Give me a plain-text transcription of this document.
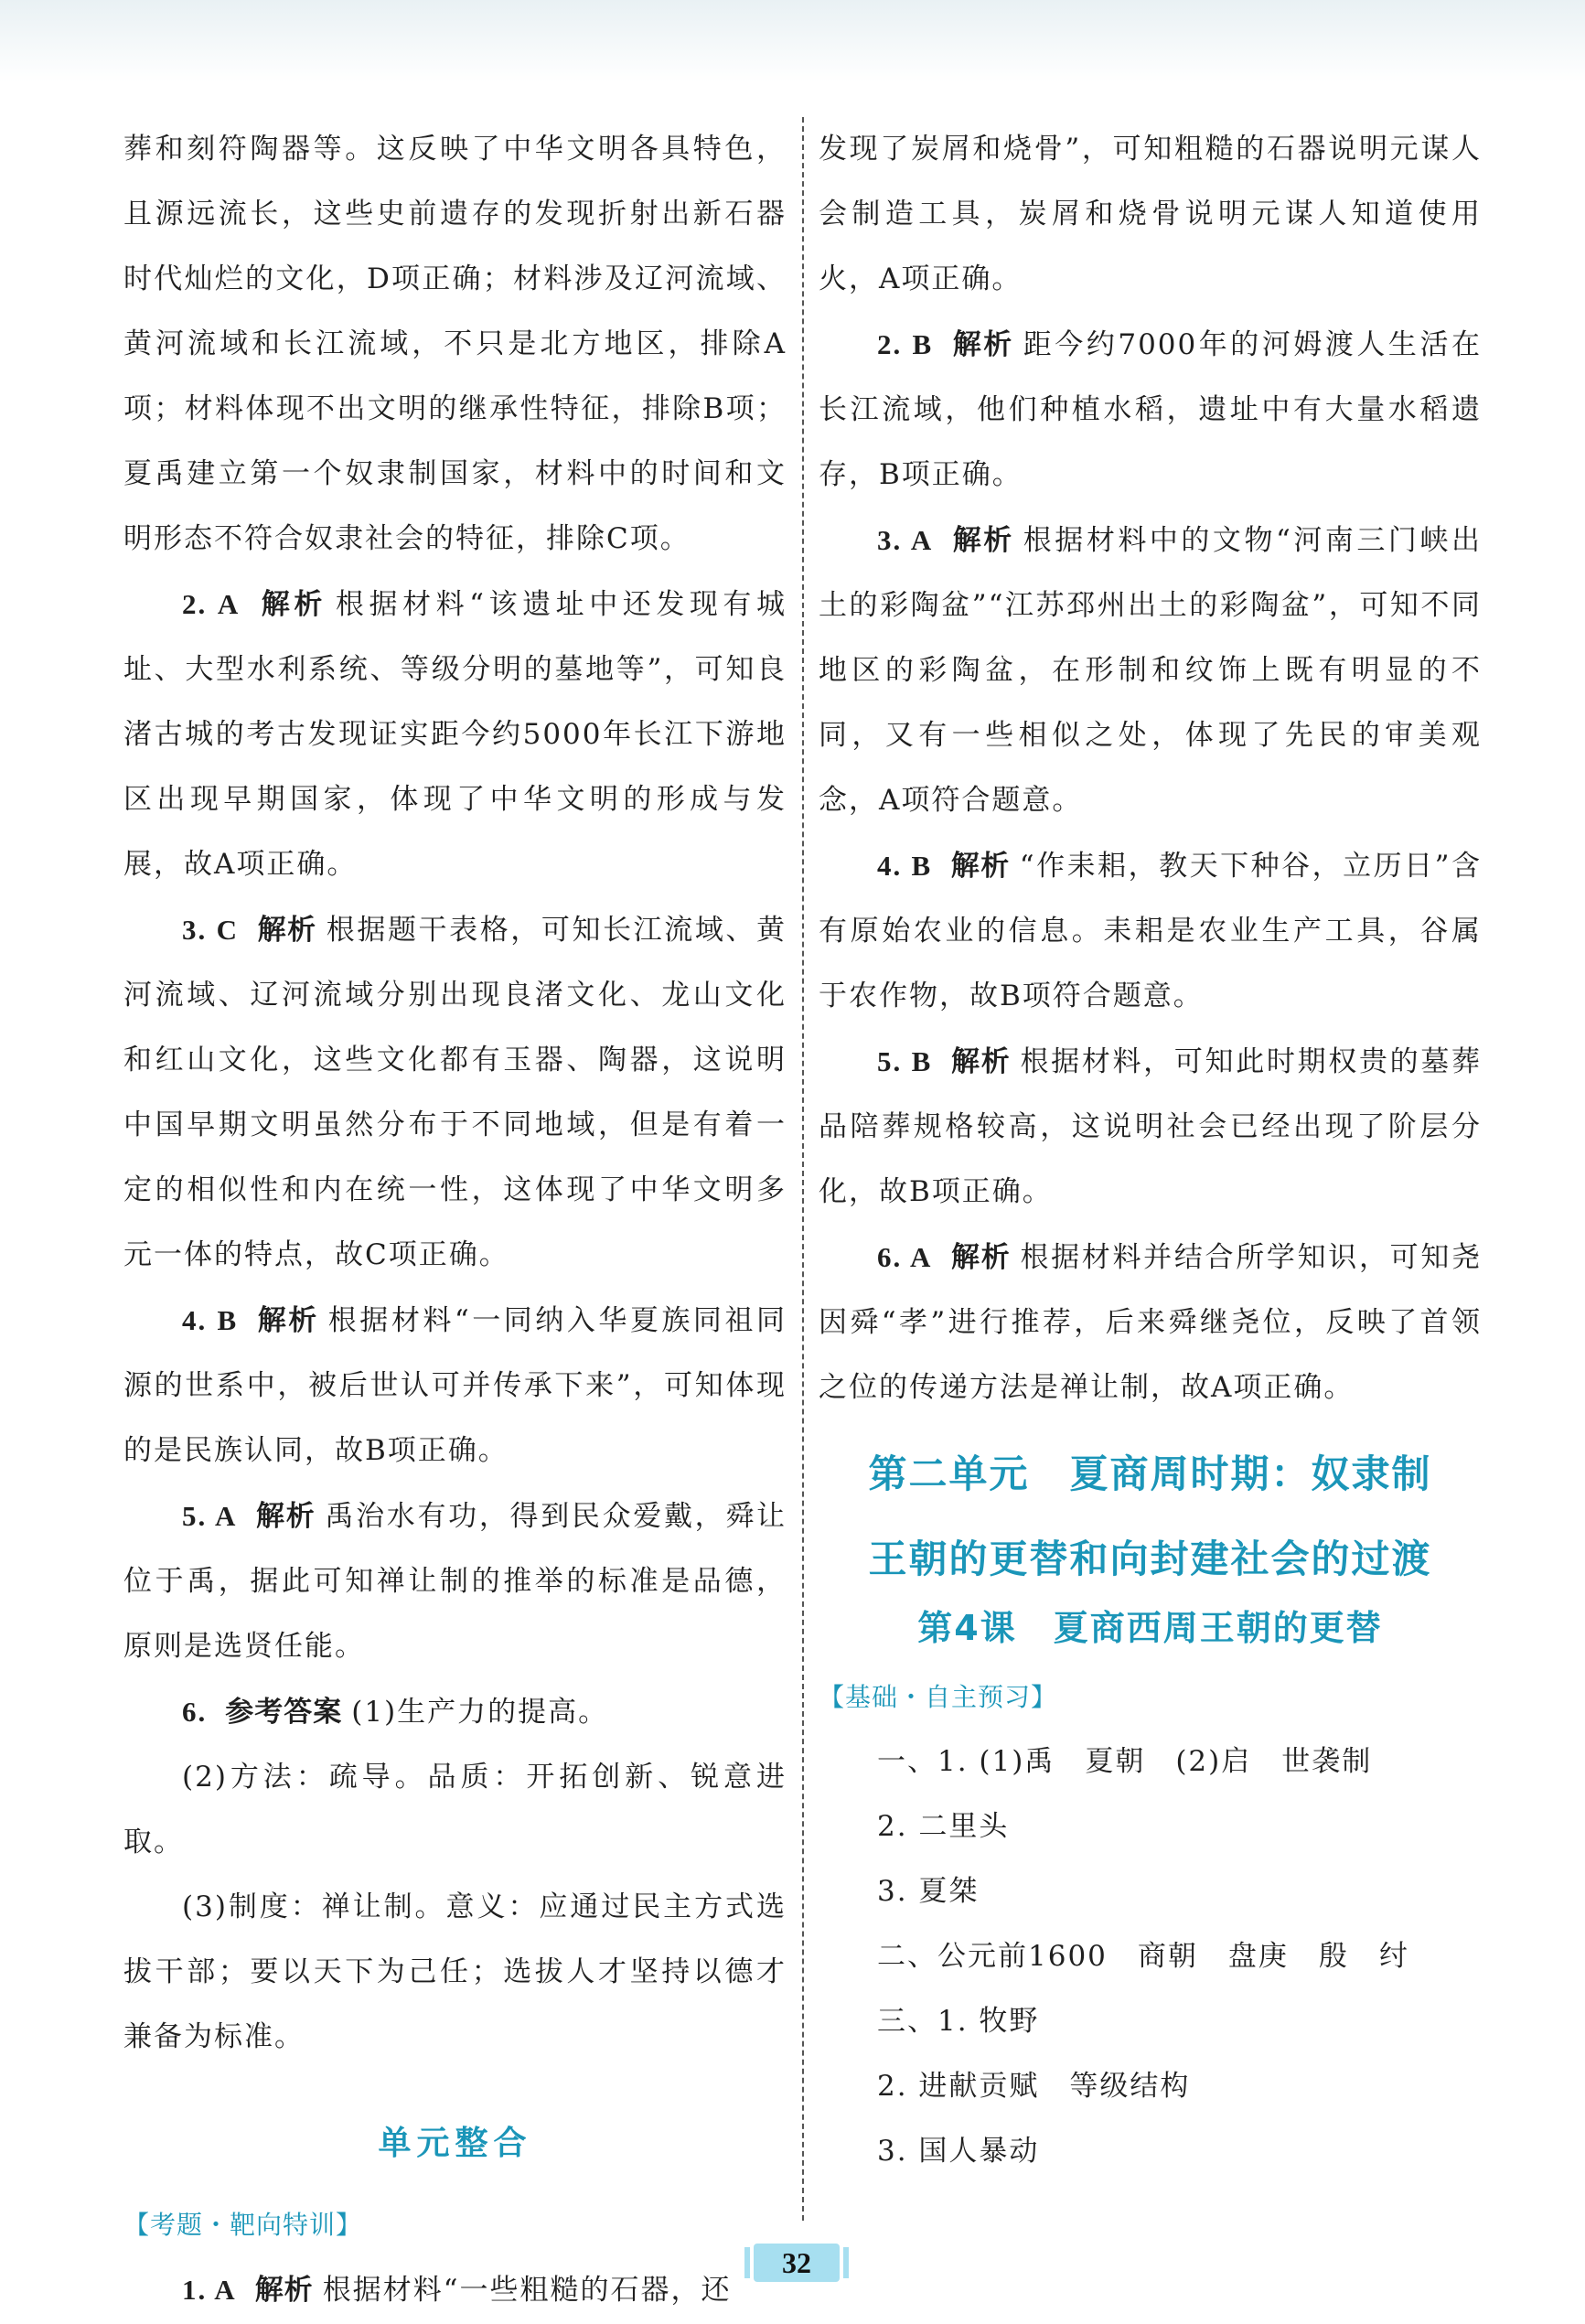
葬和刻符陶器等。这反映了中华文明各具特色，且源远流长，这些史前遗存的发现折射出新石器时代灿烂的文化，D项正确；材料涉及辽河流域、黄河流域和长江流域，不只是北方地区，排除A项；材料体现不出文明的继承性特征，排除B项；夏禹建立第一个奴隶制国家，材料中的时间和文明形态不符合奴隶社会的特征，排除C项。

2. A 解析 根据材料“该遗址中还发现有城址、大型水利系统、等级分明的墓地等”，可知良渚古城的考古发现证实距今约5000年长江下游地区出现早期国家，体现了中华文明的形成与发展，故A项正确。

3. C 解析 根据题干表格，可知长江流域、黄河流域、辽河流域分别出现良渚文化、龙山文化和红山文化，这些文化都有玉器、陶器，这说明中国早期文明虽然分布于不同地域，但是有着一定的相似性和内在统一性，这体现了中华文明多元一体的特点，故C项正确。

4. B 解析 根据材料“一同纳入华夏族同祖同源的世系中，被后世认可并传承下来”，可知体现的是民族认同，故B项正确。

5. A 解析 禹治水有功，得到民众爱戴，舜让位于禹，据此可知禅让制的推举的标准是品德，原则是选贤任能。

6. 参考答案 (1)生产力的提高。

(2)方法：疏导。品质：开拓创新、锐意进取。

(3)制度：禅让制。意义：应通过民主方式选拔干部；要以天下为己任；选拔人才坚持以德才兼备为标准。

单元整合
【考题・靶向特训】

1. A 解析 根据材料“一些粗糙的石器，还

发现了炭屑和烧骨”，可知粗糙的石器说明元谋人会制造工具，炭屑和烧骨说明元谋人知道使用火，A项正确。

2. B 解析 距今约7000年的河姆渡人生活在长江流域，他们种植水稻，遗址中有大量水稻遗存，B项正确。

3. A 解析 根据材料中的文物“河南三门峡出土的彩陶盆”“江苏邳州出土的彩陶盆”，可知不同地区的彩陶盆，在形制和纹饰上既有明显的不同，又有一些相似之处，体现了先民的审美观念，A项符合题意。

4. B 解析 “作耒耜，教天下种谷，立历日”含有原始农业的信息。耒耜是农业生产工具，谷属于农作物，故B项符合题意。

5. B 解析 根据材料，可知此时期权贵的墓葬品陪葬规格较高，这说明社会已经出现了阶层分化，故B项正确。

6. A 解析 根据材料并结合所学知识，可知尧因舜“孝”进行推荐，后来舜继尧位，反映了首领之位的传递方法是禅让制，故A项正确。

第二单元　夏商周时期：奴隶制
王朝的更替和向封建社会的过渡
第4课　夏商西周王朝的更替
【基础・自主预习】

一、1. (1)禹　夏朝　(2)启　世袭制

2. 二里头

3. 夏桀

二、公元前1600　商朝　盘庚　殷　纣

三、1. 牧野

2. 进献贡赋　等级结构

3. 国人暴动

32
